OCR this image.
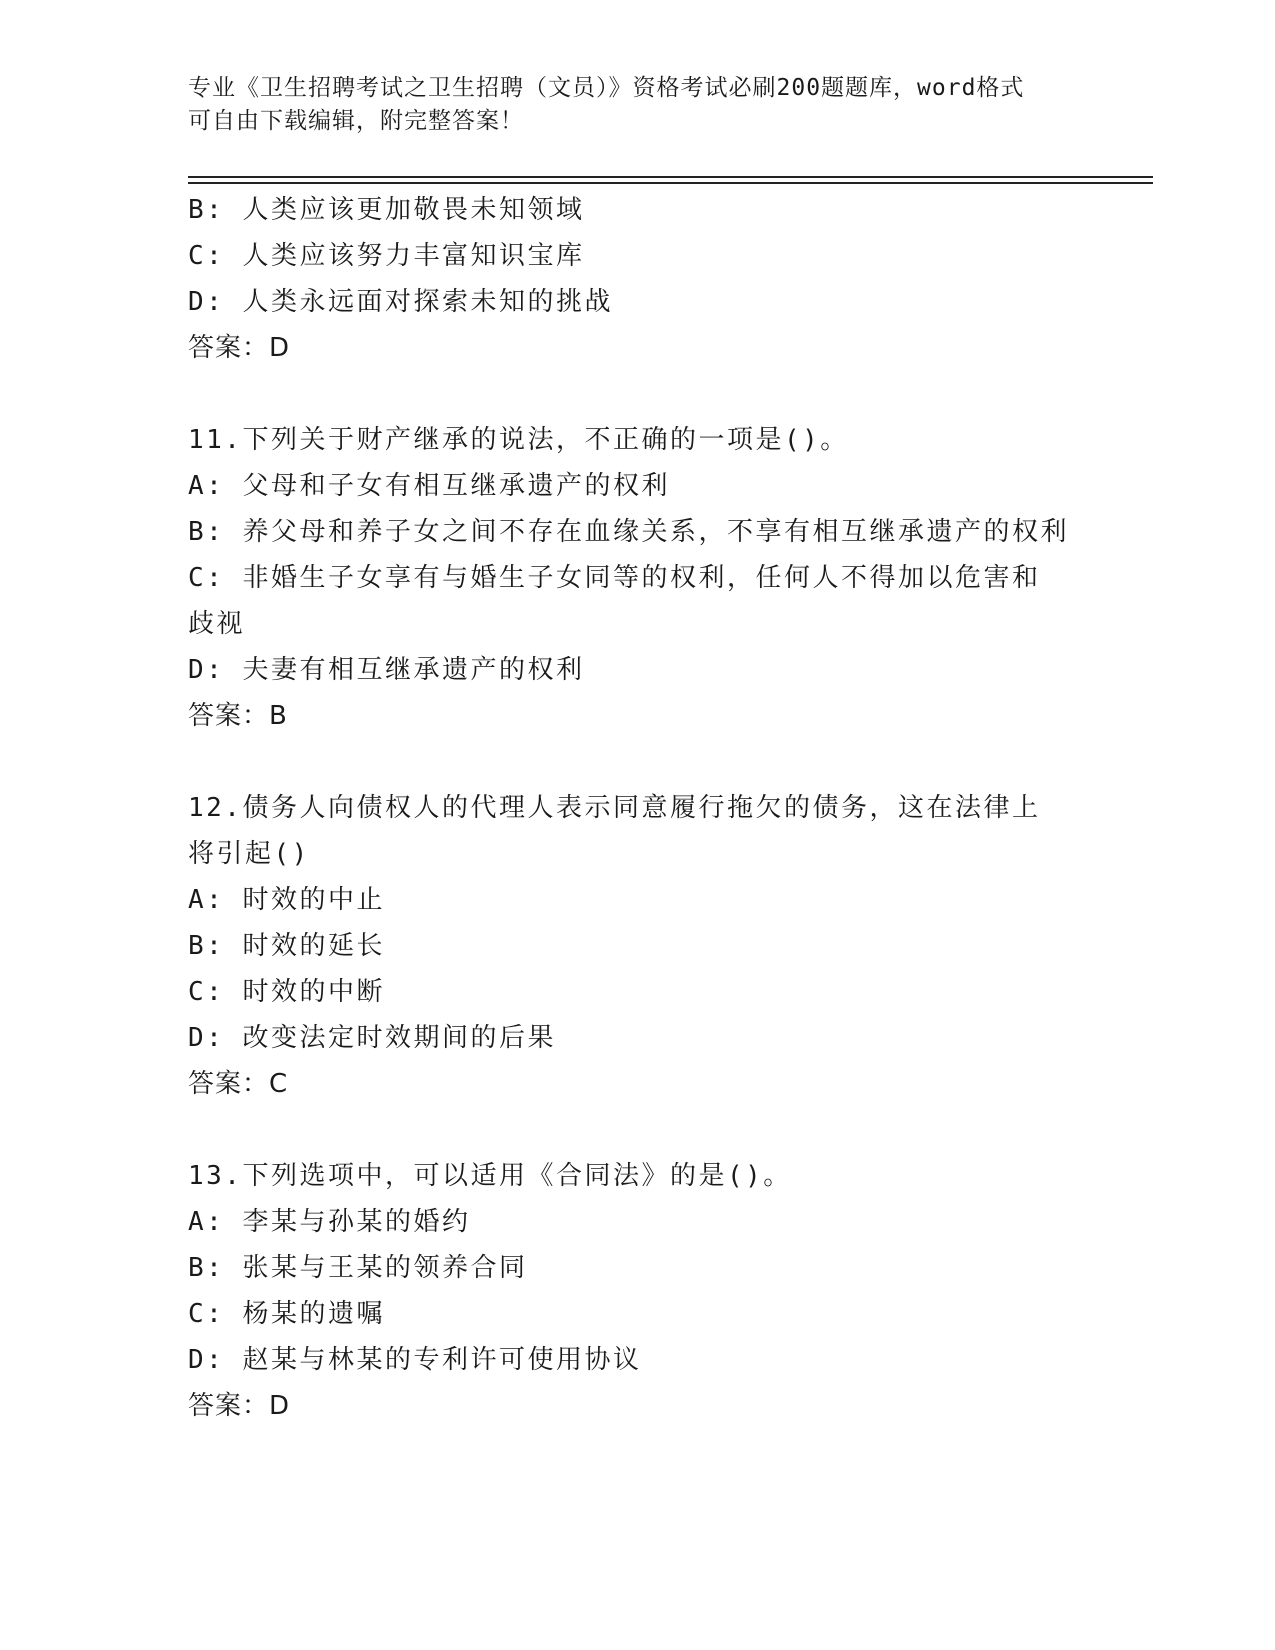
专业《卫生招聘考试之卫生招聘（文员）》资格考试必刷200题题库，word格式
可自由下载编辑，附完整答案！
B: 人类应该更加敬畏未知领域
C: 人类应该努力丰富知识宝库
D: 人类永远面对探索未知的挑战
答案：D
11.下列关于财产继承的说法，不正确的一项是()。
A: 父母和子女有相互继承遗产的权利
B: 养父母和养子女之间不存在血缘关系，不享有相互继承遗产的权利
C: 非婚生子女享有与婚生子女同等的权利，任何人不得加以危害和歧视
D: 夫妻有相互继承遗产的权利
答案：B
12.债务人向债权人的代理人表示同意履行拖欠的债务，这在法律上将引起()
A: 时效的中止
B: 时效的延长
C: 时效的中断
D: 改变法定时效期间的后果
答案：C
13.下列选项中，可以适用《合同法》的是()。
A: 李某与孙某的婚约
B: 张某与王某的领养合同
C: 杨某的遗嘱
D: 赵某与林某的专利许可使用协议
答案：D
